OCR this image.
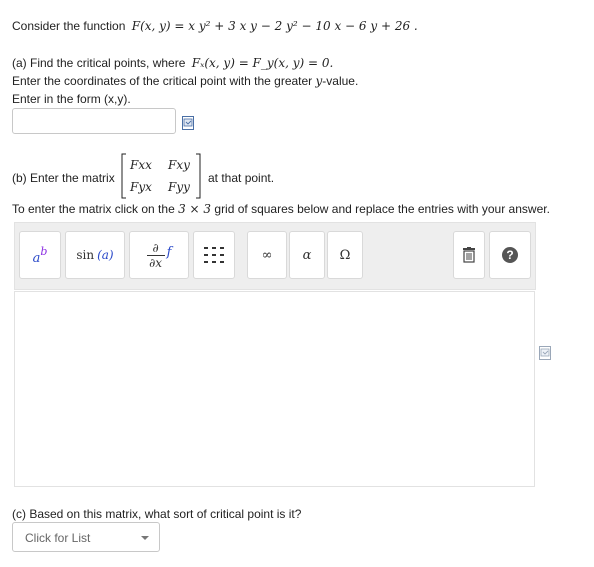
Consider the function F(x, y) = x y² + 3 x y − 2 y² − 10 x − 6 y + 26 .
(a) Find the critical points, where Fₓ(x, y) = F_y(x, y) = 0.
Enter the coordinates of the critical point with the greater y-value.
Enter in the form (x,y).
(b) Enter the matrix
Fxx Fxy
Fyx Fyy
at that point.
To enter the matrix click on the 3 × 3 grid of squares below and replace the entries with your answer.
a b sin (a)
∂
∂x
f	∞ α Ω	?
(c) Based on this matrix, what sort of critical point is it?
Click for List
